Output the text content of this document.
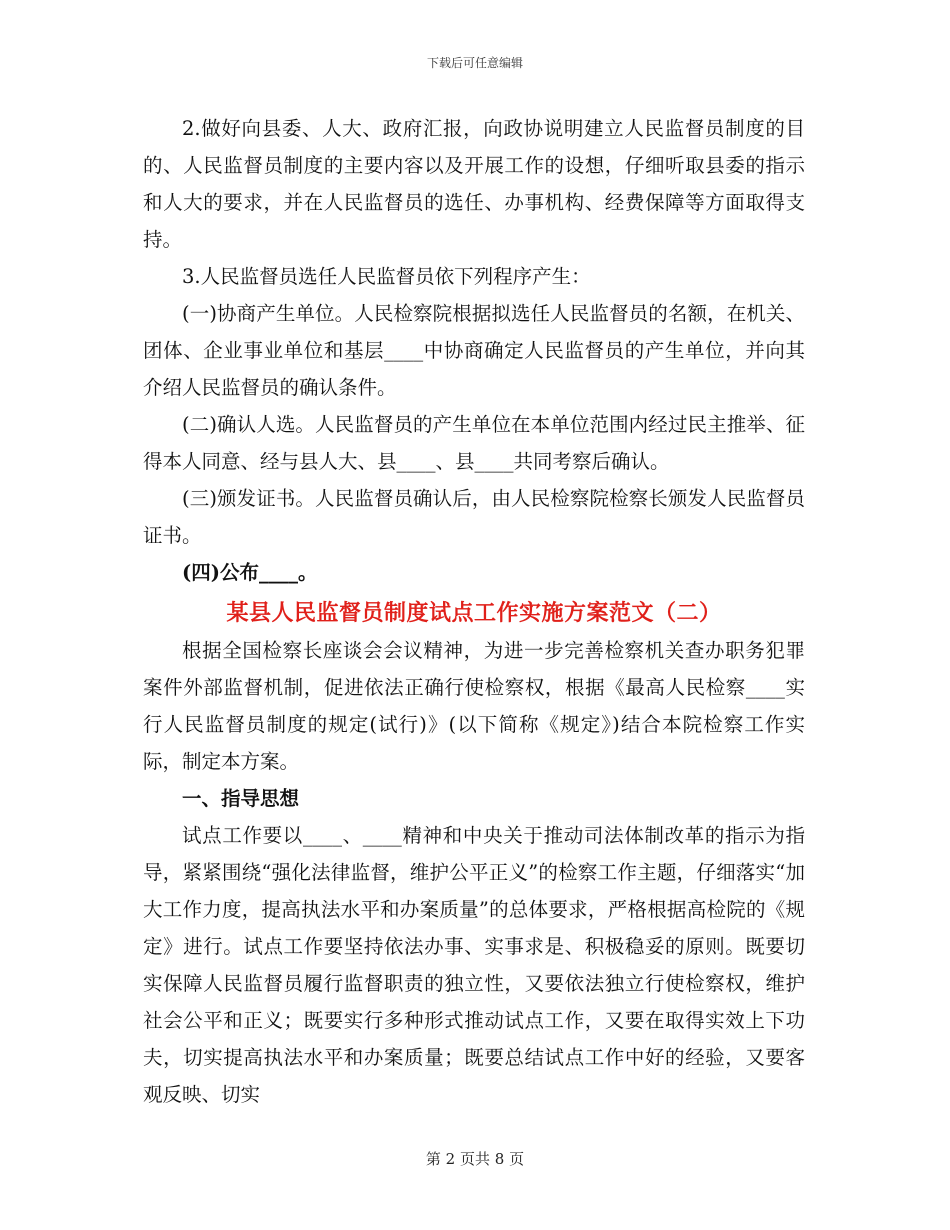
下载后可任意编辑

2.做好向县委、人大、政府汇报，向政协说明建立人民监督员制度的目的、人民监督员制度的主要内容以及开展工作的设想，仔细听取县委的指示和人大的要求，并在人民监督员的选任、办事机构、经费保障等方面取得支持。

3.人民监督员选任人民监督员依下列程序产生：

(一)协商产生单位。人民检察院根据拟选任人民监督员的名额，在机关、团体、企业事业单位和基层____中协商确定人民监督员的产生单位，并向其介绍人民监督员的确认条件。

(二)确认人选。人民监督员的产生单位在本单位范围内经过民主推举、征得本人同意、经与县人大、县____、县____共同考察后确认。

(三)颁发证书。人民监督员确认后，由人民检察院检察长颁发人民监督员证书。

(四)公布____。

某县人民监督员制度试点工作实施方案范文（二）

根据全国检察长座谈会会议精神，为进一步完善检察机关查办职务犯罪案件外部监督机制，促进依法正确行使检察权，根据《最高人民检察____实行人民监督员制度的规定(试行)》(以下简称《规定》)结合本院检察工作实际，制定本方案。

一、指导思想

试点工作要以____、____精神和中央关于推动司法体制改革的指示为指导，紧紧围绕“强化法律监督，维护公平正义”的检察工作主题，仔细落实“加大工作力度，提高执法水平和办案质量”的总体要求，严格根据高检院的《规定》进行。试点工作要坚持依法办事、实事求是、积极稳妥的原则。既要切实保障人民监督员履行监督职责的独立性，又要依法独立行使检察权，维护社会公平和正义；既要实行多种形式推动试点工作，又要在取得实效上下功夫，切实提高执法水平和办案质量；既要总结试点工作中好的经验，又要客观反映、切实

第 2 页共 8 页
